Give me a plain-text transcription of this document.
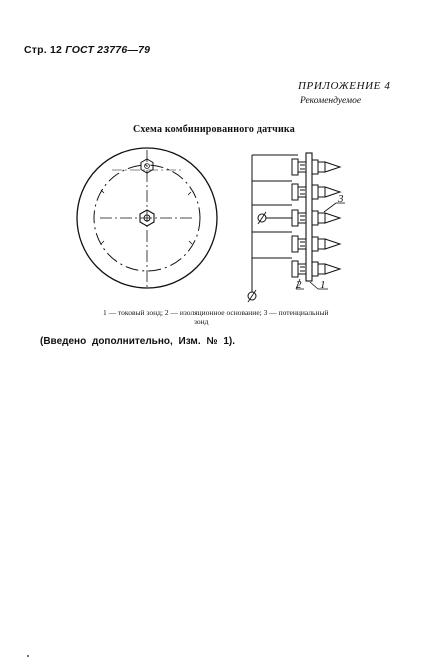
Стр. 12 ГОСТ 23776—79
ПРИЛОЖЕНИЕ 4
Рекомендуемое
Схема комбинированного датчика
3
2 1
1 — токовый зонд; 2 — изоляционное основание; 3 — потенциальный
зонд
(Введено дополнительно, Изм. № 1).
